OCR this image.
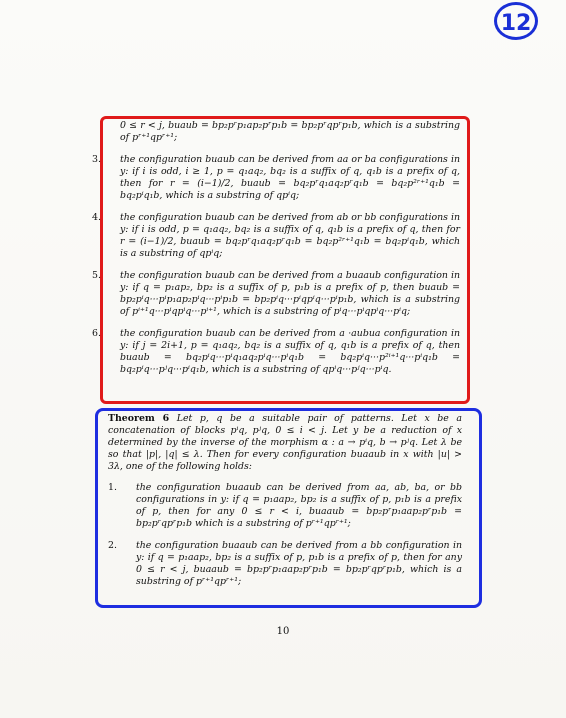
12
0 ≤ r < j, buaub = bp₂pʳp₁ap₂pʳp₁b = bp₂pʳqpʳp₁b, which is a substring of pʳ⁺¹qpʳ⁺¹;
3. the configuration buaub can be derived from aa or ba configurations in y: if i is odd, i ≥ 1, p = q₁aq₂, bq₂ is a suffix of q, q₁b is a prefix of q, then for r = (i−1)/2, buaub = bq₂pʳq₁aq₂pʳq₁b = bq₂p²ʳ⁺¹q₁b = bq₂pⁱq₁b, which is a substring of qpⁱq;
4. the configuration buaub can be derived from ab or bb configurations in y: if i is odd, p = q₁aq₂, bq₂ is a suffix of q, q₁b is a prefix of q, then for r = (i−1)/2, buaub = bq₂pʳq₁aq₂pʳq₁b = bq₂p²ʳ⁺¹q₁b = bq₂pⁱq₁b, which is a substring of qpⁱq;
5. the configuration buaub can be derived from a buaaub configuration in y: if q = p₁ap₂, bp₂ is a suffix of p, p₁b is a prefix of p, then buaub = bp₂pⁱq···pⁱp₁ap₂pⁱq···pⁱp₁b = bp₂pⁱq···pⁱqpⁱq···pⁱp₁b, which is a substring of pⁱ⁺¹q···pⁱqpⁱq···pⁱ⁺¹, which is a substring of pⁱq···pⁱqpⁱq···pⁱq;
6. the configuration buaub can be derived from a ·aubua configuration in y: if j = 2i+1, p = q₁aq₂, bq₂ is a suffix of q, q₁b is a prefix of q, then buaub = bq₂pⁱq···pⁱq₁aq₂pⁱq···pⁱq₁b = bq₂pⁱq···p²ⁱ⁺¹q···pⁱq₁b = bq₂pⁱq···pʲq···pⁱq₁b, which is a substring of qpⁱq···pʲq···pⁱq.
Theorem 6 Let p, q be a suitable pair of patterns. Let x be a concatenation of blocks pⁱq, pʲq, 0 ≤ i < j. Let y be a reduction of x determined by the inverse of the morphism α : a → pⁱq, b → pʲq. Let λ be so that |p|, |q| ≤ λ. Then for every configuration buaaub in x with |u| > 3λ, one of the following holds:
1. the configuration buaaub can be derived from aa, ab, ba, or bb configurations in y: if q = p₁aap₂, bp₂ is a suffix of p, p₁b is a prefix of p, then for any 0 ≤ r < i, buaaub = bp₂pʳp₁aap₂pʳp₁b = bp₂pʳqpʳp₁b which is a substring of pʳ⁺¹qpʳ⁺¹;
2. the configuration buaaub can be derived from a bb configuration in y: if q = p₁aap₂, bp₂ is a suffix of p, p₁b is a prefix of p, then for any 0 ≤ r < j, buaaub = bp₂pʳp₁aap₂pʳp₁b = bp₂pʳqpʳp₁b, which is a substring of pʳ⁺¹qpʳ⁺¹;
10
